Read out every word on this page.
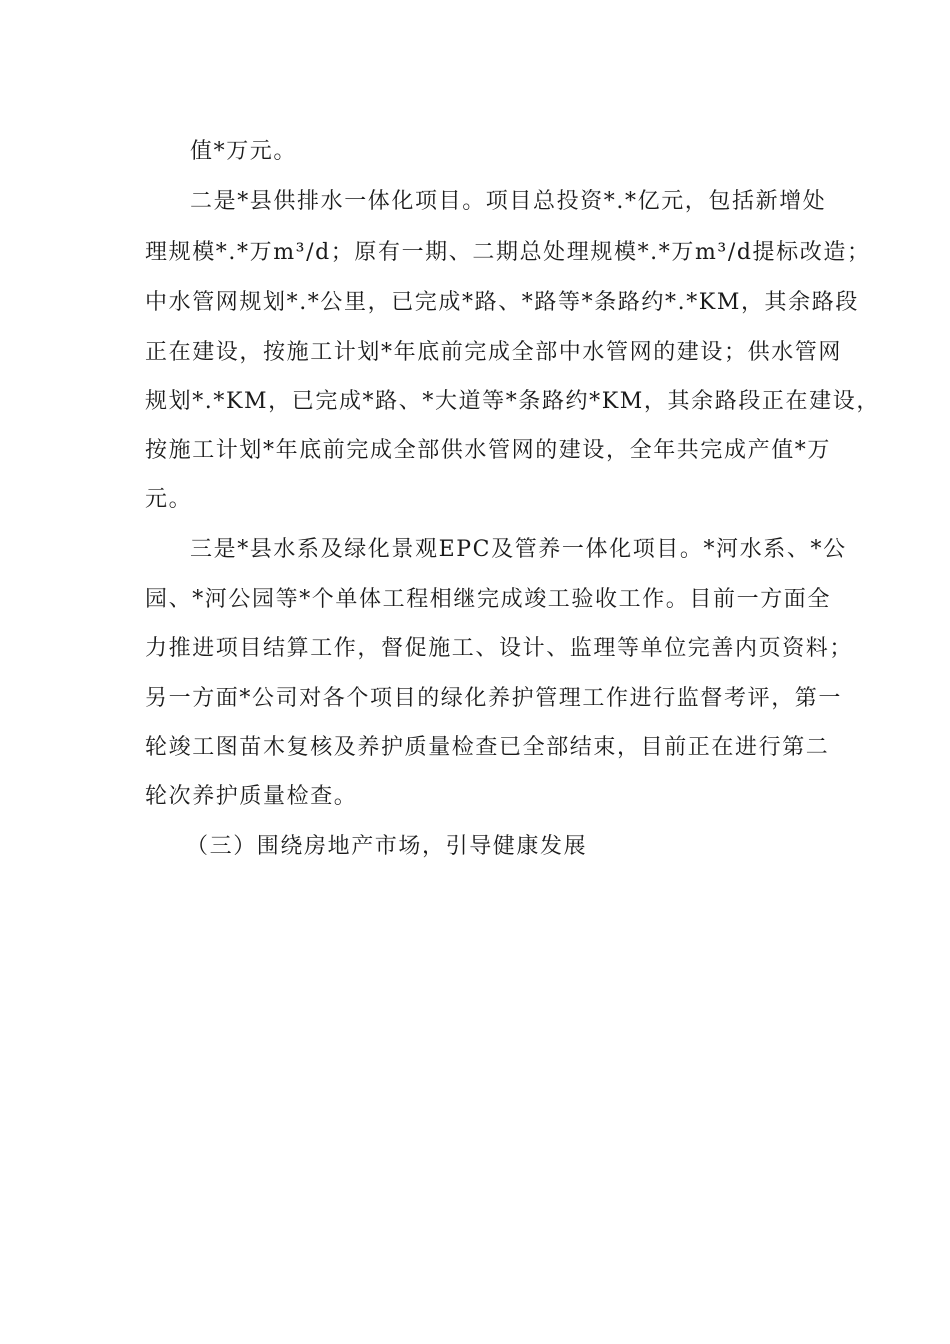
值*万元。

二是*县供排水一体化项目。项目总投资*.*亿元，包括新增处

理规模*.*万m³/d；原有一期、二期总处理规模*.*万m³/d提标改造；

中水管网规划*.*公里，已完成*路、*路等*条路约*.*KM，其余路段

正在建设，按施工计划*年底前完成全部中水管网的建设；供水管网

规划*.*KM，已完成*路、*大道等*条路约*KM，其余路段正在建设，

按施工计划*年底前完成全部供水管网的建设，全年共完成产值*万

元。

三是*县水系及绿化景观EPC及管养一体化项目。*河水系、*公

园、*河公园等*个单体工程相继完成竣工验收工作。目前一方面全

力推进项目结算工作，督促施工、设计、监理等单位完善内页资料；

另一方面*公司对各个项目的绿化养护管理工作进行监督考评，第一

轮竣工图苗木复核及养护质量检查已全部结束，目前正在进行第二

轮次养护质量检查。

（三）围绕房地产市场，引导健康发展
